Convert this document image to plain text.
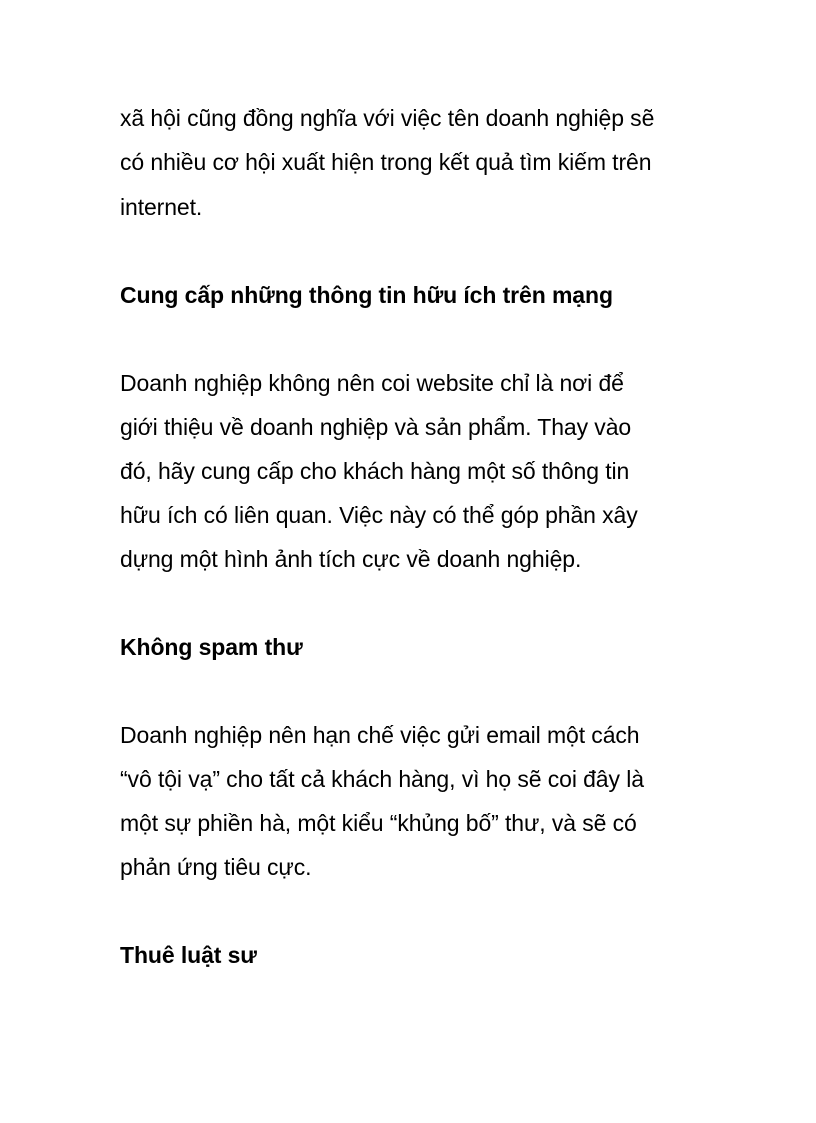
xã hội cũng đồng nghĩa với việc tên doanh nghiệp sẽ
có nhiều cơ hội xuất hiện trong kết quả tìm kiếm trên
internet.
Cung cấp những thông tin hữu ích trên mạng
Doanh nghiệp không nên coi website chỉ là nơi để
giới thiệu về doanh nghiệp và sản phẩm. Thay vào
đó, hãy cung cấp cho khách hàng một số thông tin
hữu ích có liên quan. Việc này có thể góp phần xây
dựng một hình ảnh tích cực về doanh nghiệp.
Không spam thư
Doanh nghiệp nên hạn chế việc gửi email một cách
“vô tội vạ” cho tất cả khách hàng, vì họ sẽ coi đây là
một sự phiền hà, một kiểu “khủng bố” thư, và sẽ có
phản ứng tiêu cực.
Thuê luật sư
